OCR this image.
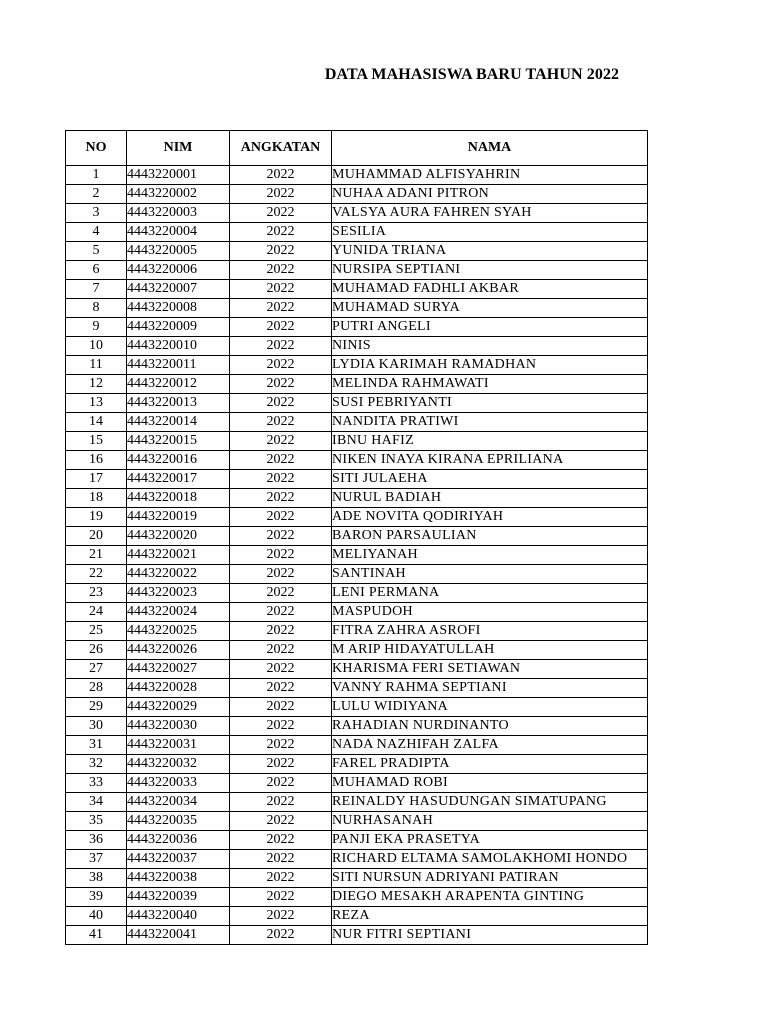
DATA MAHASISWA BARU TAHUN 2022
NO	NIM	ANGKATAN	NAMA
1	4443220001	2022	MUHAMMAD ALFISYAHRIN
2	4443220002	2022	NUHAA ADANI PITRON
3	4443220003	2022	VALSYA AURA FAHREN SYAH
4	4443220004	2022	SESILIA
5	4443220005	2022	YUNIDA TRIANA
6	4443220006	2022	NURSIPA SEPTIANI
7	4443220007	2022	MUHAMAD FADHLI AKBAR
8	4443220008	2022	MUHAMAD SURYA
9	4443220009	2022	PUTRI ANGELI
10	4443220010	2022	NINIS
11	4443220011	2022	LYDIA KARIMAH RAMADHAN
12	4443220012	2022	MELINDA RAHMAWATI
13	4443220013	2022	SUSI PEBRIYANTI
14	4443220014	2022	NANDITA PRATIWI
15	4443220015	2022	IBNU HAFIZ
16	4443220016	2022	NIKEN INAYA KIRANA EPRILIANA
17	4443220017	2022	SITI JULAEHA
18	4443220018	2022	NURUL BADIAH
19	4443220019	2022	ADE NOVITA QODIRIYAH
20	4443220020	2022	BARON PARSAULIAN
21	4443220021	2022	MELIYANAH
22	4443220022	2022	SANTINAH
23	4443220023	2022	LENI PERMANA
24	4443220024	2022	MASPUDOH
25	4443220025	2022	FITRA ZAHRA ASROFI
26	4443220026	2022	M ARIP HIDAYATULLAH
27	4443220027	2022	KHARISMA FERI SETIAWAN
28	4443220028	2022	VANNY RAHMA SEPTIANI
29	4443220029	2022	LULU WIDIYANA
30	4443220030	2022	RAHADIAN NURDINANTO
31	4443220031	2022	NADA NAZHIFAH ZALFA
32	4443220032	2022	FAREL PRADIPTA
33	4443220033	2022	MUHAMAD ROBI
34	4443220034	2022	REINALDY HASUDUNGAN SIMATUPANG
35	4443220035	2022	NURHASANAH
36	4443220036	2022	PANJI EKA PRASETYA
37	4443220037	2022	RICHARD ELTAMA SAMOLAKHOMI HONDO
38	4443220038	2022	SITI NURSUN ADRIYANI PATIRAN
39	4443220039	2022	DIEGO MESAKH ARAPENTA GINTING
40	4443220040	2022	REZA
41	4443220041	2022	NUR FITRI SEPTIANI
